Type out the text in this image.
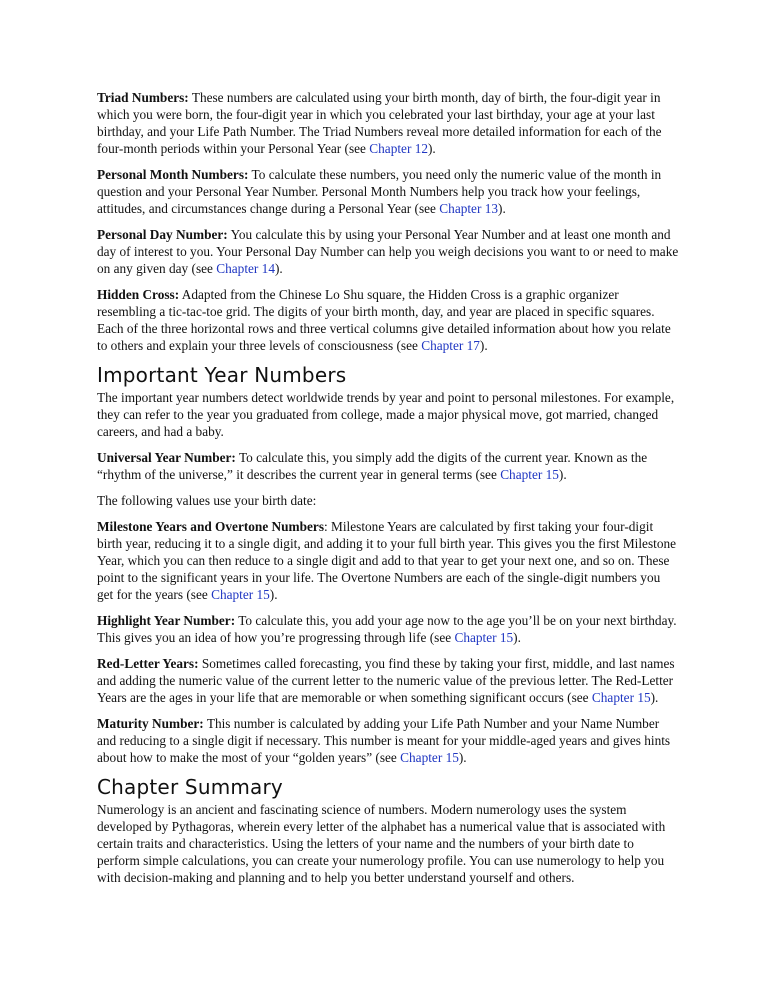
Triad Numbers: These numbers are calculated using your birth month, day of birth, the four-digit year in which you were born, the four-digit year in which you celebrated your last birthday, your age at your last birthday, and your Life Path Number. The Triad Numbers reveal more detailed information for each of the four-month periods within your Personal Year (see Chapter 12).

Personal Month Numbers: To calculate these numbers, you need only the numeric value of the month in question and your Personal Year Number. Personal Month Numbers help you track how your feelings, attitudes, and circumstances change during a Personal Year (see Chapter 13).

Personal Day Number: You calculate this by using your Personal Year Number and at least one month and day of interest to you. Your Personal Day Number can help you weigh decisions you want to or need to make on any given day (see Chapter 14).

Hidden Cross: Adapted from the Chinese Lo Shu square, the Hidden Cross is a graphic organizer resembling a tic-tac-toe grid. The digits of your birth month, day, and year are placed in specific squares. Each of the three horizontal rows and three vertical columns give detailed information about how you relate to others and explain your three levels of consciousness (see Chapter 17).

Important Year Numbers

The important year numbers detect worldwide trends by year and point to personal milestones. For example, they can refer to the year you graduated from college, made a major physical move, got married, changed careers, and had a baby.

Universal Year Number: To calculate this, you simply add the digits of the current year. Known as the “rhythm of the universe,” it describes the current year in general terms (see Chapter 15).

The following values use your birth date:

Milestone Years and Overtone Numbers: Milestone Years are calculated by first taking your four-digit birth year, reducing it to a single digit, and adding it to your full birth year. This gives you the first Milestone Year, which you can then reduce to a single digit and add to that year to get your next one, and so on. These point to the significant years in your life. The Overtone Numbers are each of the single-digit numbers you get for the years (see Chapter 15).

Highlight Year Number: To calculate this, you add your age now to the age you’ll be on your next birthday. This gives you an idea of how you’re progressing through life (see Chapter 15).

Red-Letter Years: Sometimes called forecasting, you find these by taking your first, middle, and last names and adding the numeric value of the current letter to the numeric value of the previous letter. The Red-Letter Years are the ages in your life that are memorable or when something significant occurs (see Chapter 15).

Maturity Number: This number is calculated by adding your Life Path Number and your Name Number and reducing to a single digit if necessary. This number is meant for your middle-aged years and gives hints about how to make the most of your “golden years” (see Chapter 15).

Chapter Summary

Numerology is an ancient and fascinating science of numbers. Modern numerology uses the system developed by Pythagoras, wherein every letter of the alphabet has a numerical value that is associated with certain traits and characteristics. Using the letters of your name and the numbers of your birth date to perform simple calculations, you can create your numerology profile. You can use numerology to help you with decision-making and planning and to help you better understand yourself and others.
